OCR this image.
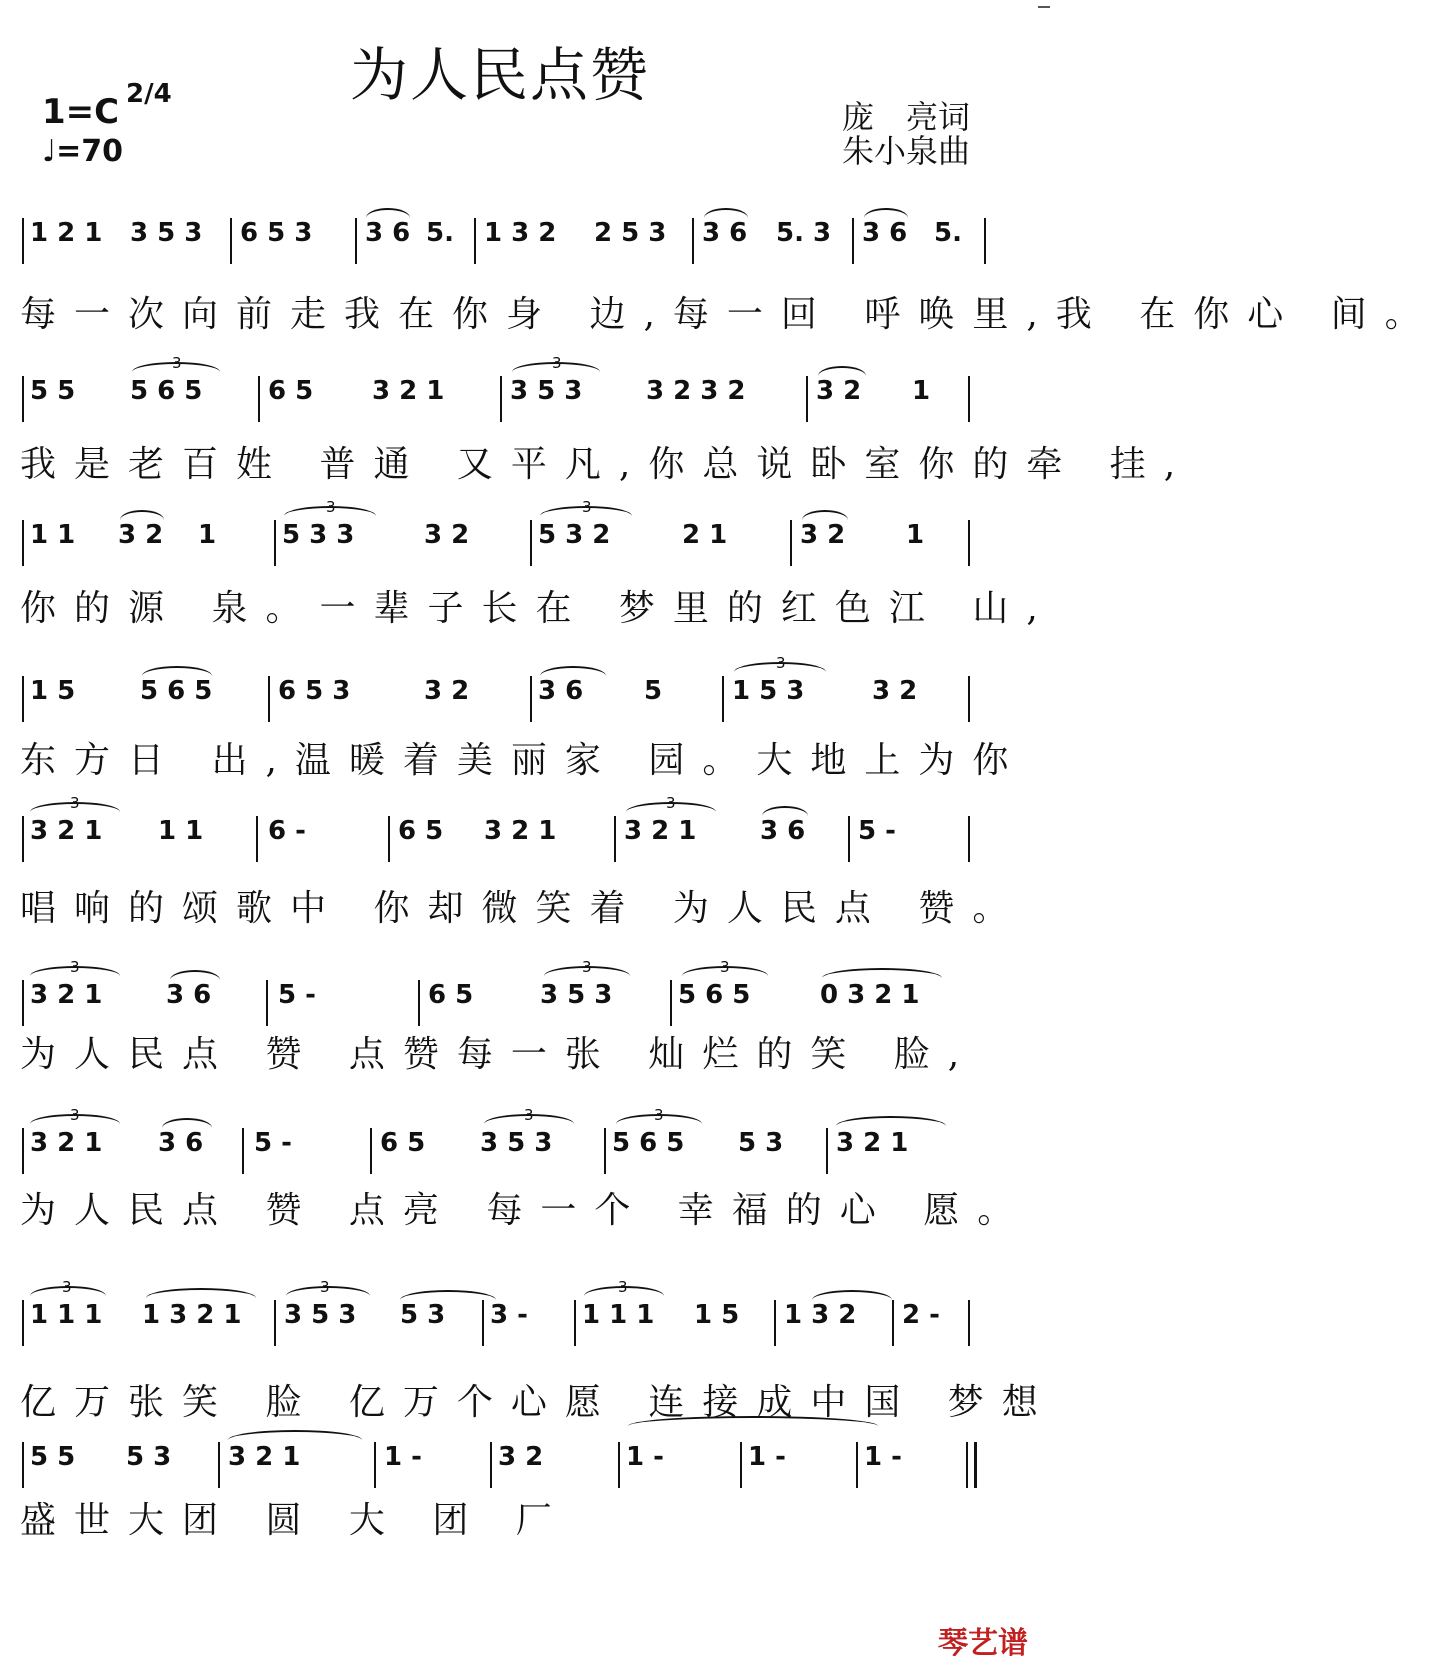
为人民点赞
1=C 2/4
♩=70
庞　亮词
朱小泉曲
1 2 1 3 5 3 6 5 3 3 6 5. 1 3 2 2 5 3 3 6 5. 3 3 6 5.
每一次向前走我在你身 边,每一回 呼唤里,我 在你心 间。
5 5
3
5 6 5	6 5 3 2 1
3
3 5 3 3 2 3 2	3 2 1
我是老百姓 普通 又平凡,你总说卧室你的牵 挂,
1 1 3 2 1
3
5 3 3	3 2
3
5 3 2	2 1	3 2 1
你的源 泉。一辈子长在 梦里的红色江 山,
1 5 5 6 5	6 5 3	3 2	3 6 5
3
1 5 3	3 2
东方日 出,温暖着美丽家 园。大地上为你
3
3 2 1 1 1 6 -	6 5 3 2 1
3
3 2 1 3 6 5 -
唱响的颂歌中 你却微笑着 为人民点 赞。
3
3 2 1 3 6	5 -	6 5
3
3 5 3
3
5 6 5	0 3 2 1
为人民点 赞 点赞每一张 灿烂的笑 脸,
3
3 2 1 3 6 5 -	6 5
3
3 5 3
3
5 6 5 5 3 3 2 1
为人民点 赞 点亮 每一个 幸福的心 愿。
3
1 1 1 1 3 2 1
3
3 5 3 5 3 3 -
3
1 1 1 1 5 1 3 2 2 -
亿万张笑 脸 亿万个心愿 连接成中国 梦想
5 5 5 3 3 2 1	1 -	3 2	1 -	1 -	1 -
盛世大团 圆 大 团 厂
琴艺谱
